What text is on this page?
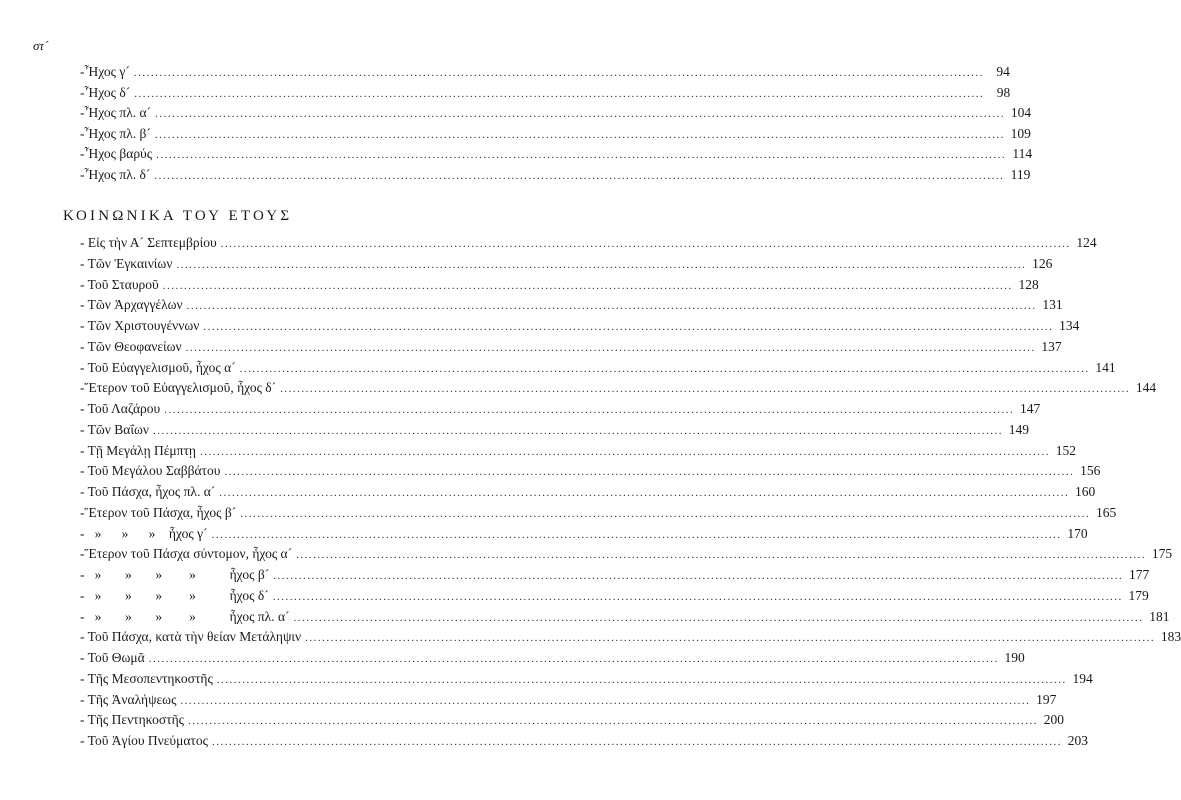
στ´
ΚΟΙΝΩΝΙΚΑ ΤΟΥ ΕΤΟΥΣ
-Ἦχος γ´ ........................................................................................................................................................................................................ 94
-Ἦχος δ´ ........................................................................................................................................................................................................ 98
-Ἦχος πλ. α´ ........................................................................................................................................................................................................ 104
-Ἦχος πλ. β´ ........................................................................................................................................................................................................ 109
-Ἦχος βαρύς ........................................................................................................................................................................................................ 114
-Ἦχος πλ. δ´ ........................................................................................................................................................................................................ 119
- Εἰς τὴν Α´ Σεπτεμβρίου ........................................................................................................................................................................................................ 124
- Τῶν Ἐγκαινίων ........................................................................................................................................................................................................ 126
- Τοῦ Σταυροῦ ........................................................................................................................................................................................................ 128
- Τῶν Ἀρχαγγέλων ........................................................................................................................................................................................................ 131
- Τῶν Χριστουγέννων ........................................................................................................................................................................................................ 134
- Τῶν Θεοφανείων ........................................................................................................................................................................................................ 137
- Τοῦ Εὐαγγελισμοῦ, ἦχος α´ ........................................................................................................................................................................................................ 141
-Ἕτερον τοῦ Εὐαγγελισμοῦ, ἦχος δ´ ........................................................................................................................................................................................................ 144
- Τοῦ Λαζάρου ........................................................................................................................................................................................................ 147
- Τῶν Βαΐων ........................................................................................................................................................................................................ 149
- Τῇ Μεγάλῃ Πέμπτῃ ........................................................................................................................................................................................................ 152
- Τοῦ Μεγάλου Σαββάτου ........................................................................................................................................................................................................ 156
- Τοῦ Πάσχα, ἦχος πλ. α´ ........................................................................................................................................................................................................ 160
-Ἕτερον τοῦ Πάσχα, ἦχος β´ ........................................................................................................................................................................................................ 165
-   »      »      »    ἦχος γ´ ........................................................................................................................................................................................................ 170
-Ἕτερον τοῦ Πάσχα σύντομον, ἦχος α´ ........................................................................................................................................................................................................ 175
-   »       »       »        »          ἦχος β´ ........................................................................................................................................................................................................ 177
-   »       »       »        »          ἦχος δ´ ........................................................................................................................................................................................................ 179
-   »       »       »        »          ἦχος πλ. α´ ........................................................................................................................................................................................................ 181
- Τοῦ Πάσχα, κατὰ τὴν θείαν Μετάληψιν ........................................................................................................................................................................................................ 183
- Τοῦ Θωμᾶ ........................................................................................................................................................................................................ 190
- Τῆς Μεσοπεντηκοστῆς ........................................................................................................................................................................................................ 194
- Τῆς Ἀναλήψεως ........................................................................................................................................................................................................ 197
- Τῆς Πεντηκοστῆς ........................................................................................................................................................................................................ 200
- Τοῦ Ἁγίου Πνεύματος ........................................................................................................................................................................................................ 203
